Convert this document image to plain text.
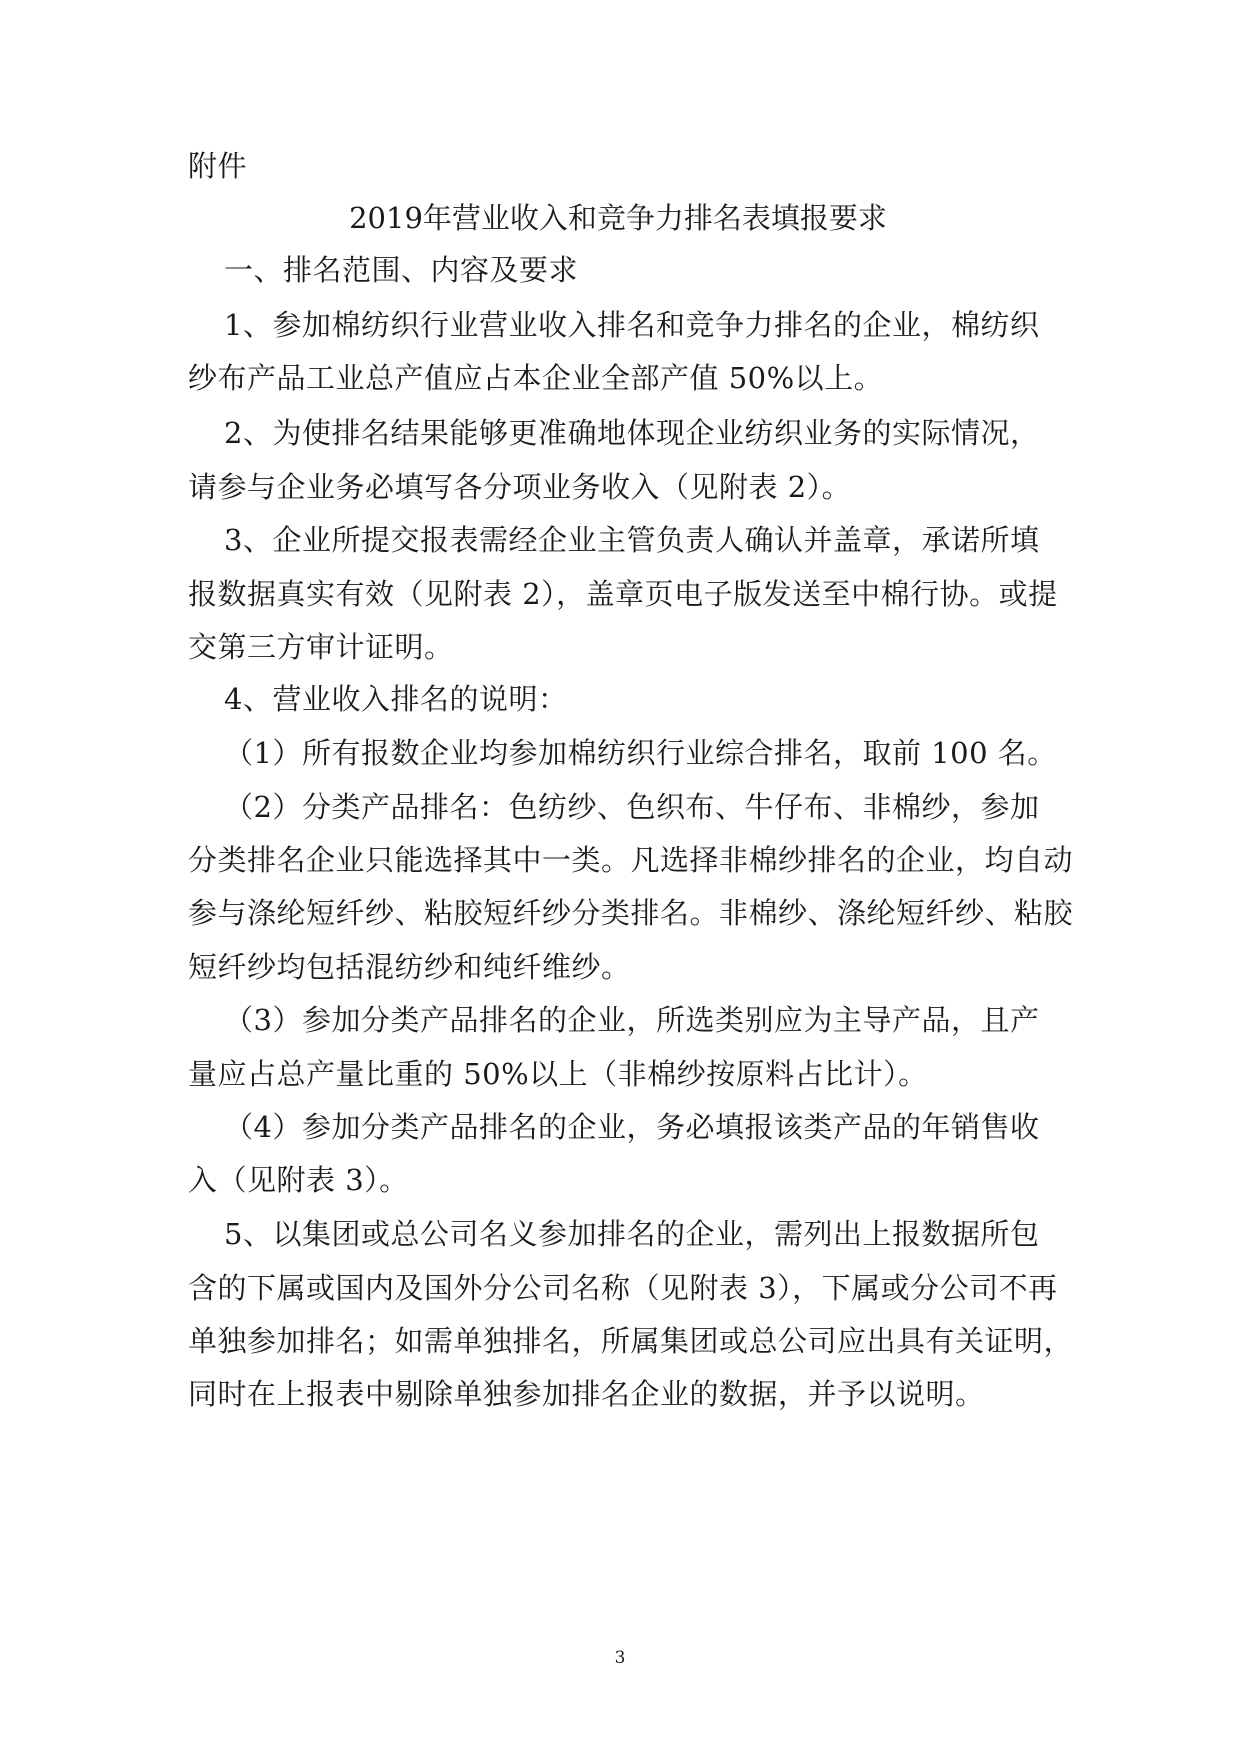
附件
2019年营业收入和竞争力排名表填报要求
一、排名范围、内容及要求
1、参加棉纺织行业营业收入排名和竞争力排名的企业，棉纺织
纱布产品工业总产值应占本企业全部产值 50%以上。
2、为使排名结果能够更准确地体现企业纺织业务的实际情况，
请参与企业务必填写各分项业务收入（见附表 2）。
3、企业所提交报表需经企业主管负责人确认并盖章，承诺所填
报数据真实有效（见附表 2），盖章页电子版发送至中棉行协。或提
交第三方审计证明。
4、营业收入排名的说明：
（1）所有报数企业均参加棉纺织行业综合排名，取前 100 名。
（2）分类产品排名：色纺纱、色织布、牛仔布、非棉纱，参加
分类排名企业只能选择其中一类。凡选择非棉纱排名的企业，均自动
参与涤纶短纤纱、粘胶短纤纱分类排名。非棉纱、涤纶短纤纱、粘胶
短纤纱均包括混纺纱和纯纤维纱。
（3）参加分类产品排名的企业，所选类别应为主导产品，且产
量应占总产量比重的 50%以上（非棉纱按原料占比计）。
（4）参加分类产品排名的企业，务必填报该类产品的年销售收
入（见附表 3）。
5、以集团或总公司名义参加排名的企业，需列出上报数据所包
含的下属或国内及国外分公司名称（见附表 3），下属或分公司不再
单独参加排名；如需单独排名，所属集团或总公司应出具有关证明，
同时在上报表中剔除单独参加排名企业的数据，并予以说明。
3
